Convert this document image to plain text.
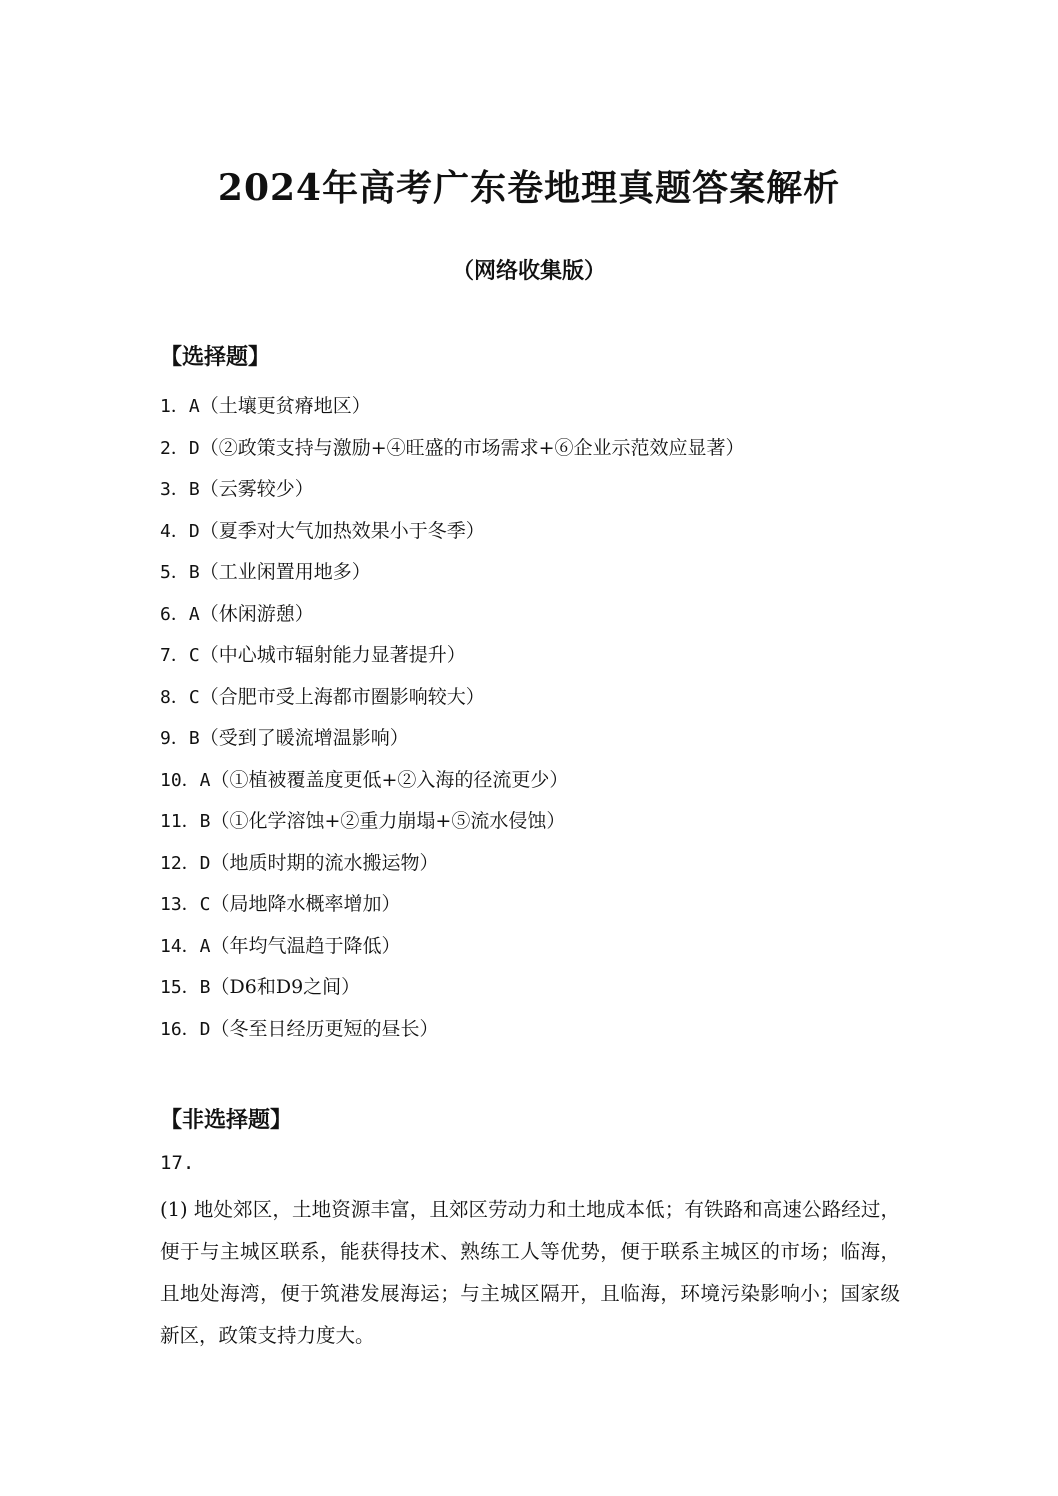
2024年高考广东卷地理真题答案解析
（网络收集版）
【选择题】
1．A（土壤更贫瘠地区）
2．D（②政策支持与激励+④旺盛的市场需求+⑥企业示范效应显著）
3．B（云雾较少）
4．D（夏季对大气加热效果小于冬季）
5．B（工业闲置用地多）
6．A（休闲游憩）
7．C（中心城市辐射能力显著提升）
8．C（合肥市受上海都市圈影响较大）
9．B（受到了暖流增温影响）
10．A（①植被覆盖度更低+②入海的径流更少）
11．B（①化学溶蚀+②重力崩塌+⑤流水侵蚀）
12．D（地质时期的流水搬运物）
13．C（局地降水概率增加）
14．A（年均气温趋于降低）
15．B（D6和D9之间）
16．D（冬至日经历更短的昼长）
【非选择题】
17.

(1) 地处郊区，土地资源丰富，且郊区劳动力和土地成本低；有铁路和高速公路经过，便于与主城区联系，能获得技术、熟练工人等优势，便于联系主城区的市场；临海，且地处海湾，便于筑港发展海运；与主城区隔开，且临海，环境污染影响小；国家级新区，政策支持力度大。
